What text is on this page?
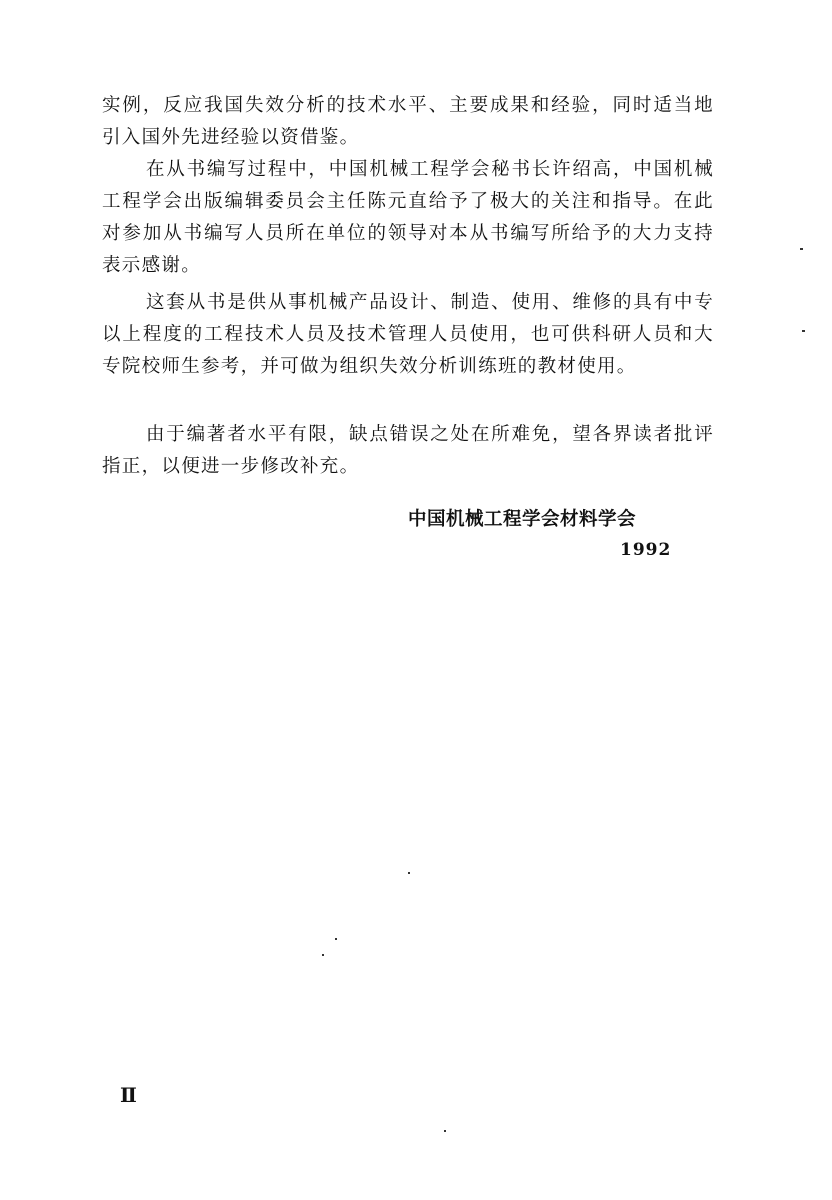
实例，反应我国失效分析的技术水平、主要成果和经验，同时适当地引入国外先进经验以资借鉴。

在从书编写过程中，中国机械工程学会秘书长许绍高，中国机械工程学会出版编辑委员会主任陈元直给予了极大的关注和指导。在此对参加从书编写人员所在单位的领导对本从书编写所给予的大力支持表示感谢。

这套从书是供从事机械产品设计、制造、使用、维修的具有中专以上程度的工程技术人员及技术管理人员使用，也可供科研人员和大专院校师生参考，并可做为组织失效分析训练班的教材使用。

由于编著者水平有限，缺点错误之处在所难免，望各界读者批评指正，以便进一步修改补充。

中国机械工程学会材料学会

1992

Ⅱ
